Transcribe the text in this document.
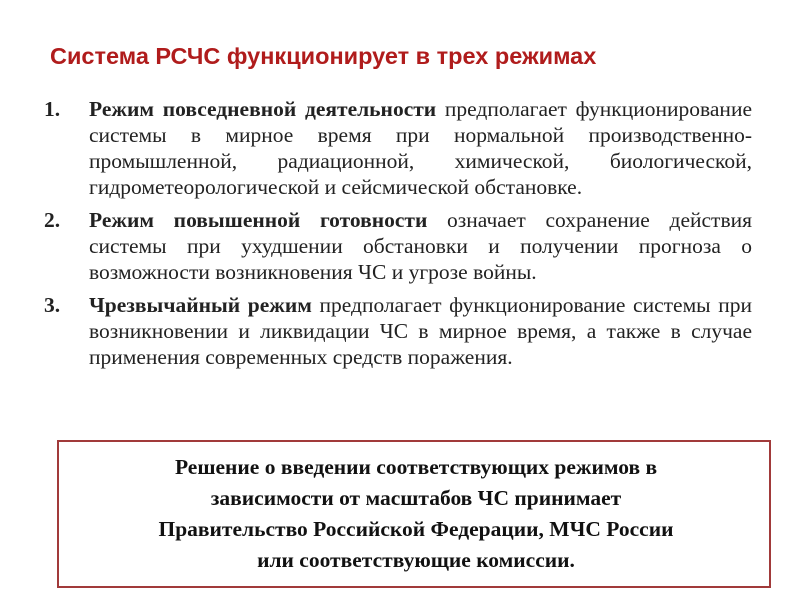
Система РСЧС функционирует в трех режимах
1. Режим повседневной деятельности предполагает функционирование системы в мирное время при нормальной производственно-промышленной, радиационной, химической, биологической, гидрометеорологической и сейсмической обстановке.
2. Режим повышенной готовности означает сохранение действия системы при ухудшении обстановки и получении прогноза о возможности возникновения ЧС и угрозе войны.
3. Чрезвычайный режим предполагает функционирование системы при возникновении и ликвидации ЧС в мирное время, а также в случае применения современных средств поражения.
Решение о введении соответствующих режимов в
зависимости от масштабов ЧС принимает
Правительство Российской Федерации, МЧС России
или соответствующие комиссии.
